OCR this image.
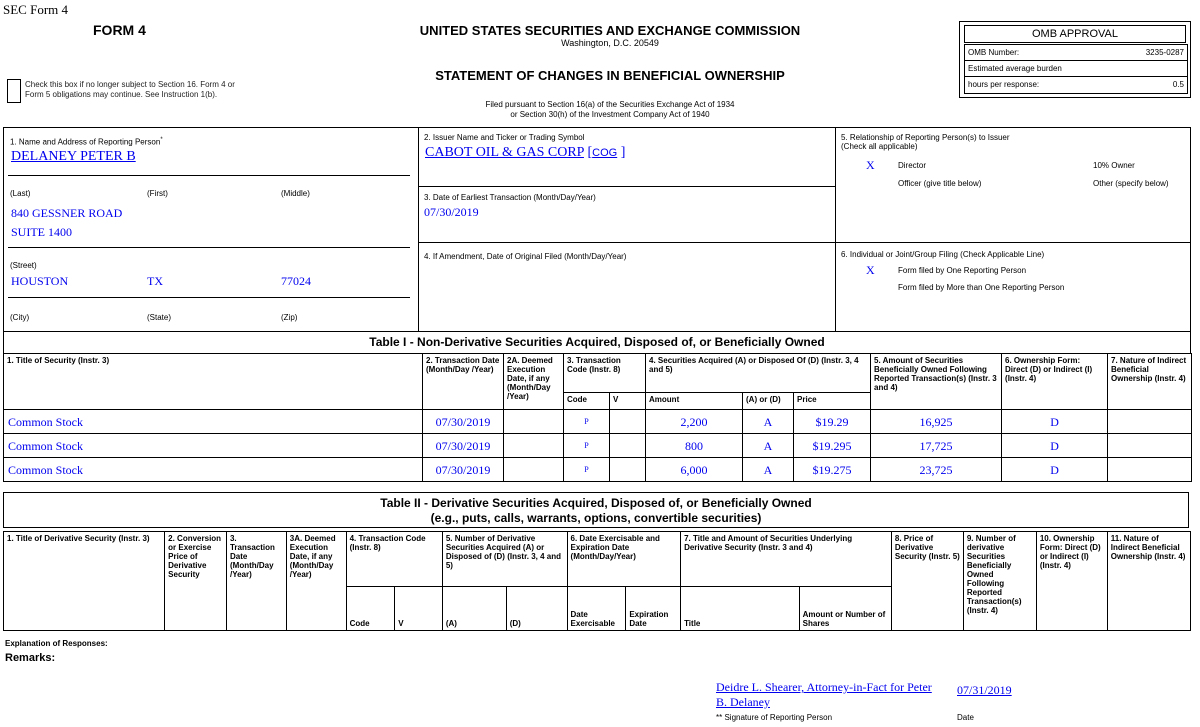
SEC Form 4
FORM 4
Check this box if no longer subject to Section 16. Form 4 or Form 5 obligations may continue. See Instruction 1(b).
UNITED STATES SECURITIES AND EXCHANGE COMMISSION
Washington, D.C. 20549
STATEMENT OF CHANGES IN BENEFICIAL OWNERSHIP
Filed pursuant to Section 16(a) of the Securities Exchange Act of 1934
or Section 30(h) of the Investment Company Act of 1940
OMB APPROVAL
OMB Number:	3235-0287
Estimated average burden
hours per response:	0.5
1. Name and Address of Reporting Person*
DELANEY PETER B
(Last)	(First)	(Middle)
840 GESSNER ROAD
SUITE 1400
(Street)
HOUSTON	TX	77024
(City)	(State)	(Zip)
2. Issuer Name and Ticker or Trading Symbol
CABOT OIL & GAS CORP [COG ]
3. Date of Earliest Transaction (Month/Day/Year)
07/30/2019
4. If Amendment, Date of Original Filed (Month/Day/Year)
5. Relationship of Reporting Person(s) to Issuer
(Check all applicable)
X	Director	10% Owner
Officer (give title below)	Other (specify below)
6. Individual or Joint/Group Filing (Check Applicable Line)
X	Form filed by One Reporting Person
Form filed by More than One Reporting Person
Table I - Non-Derivative Securities Acquired, Disposed of, or Beneficially Owned
1. Title of Security (Instr. 3)	2. Transaction Date (Month/Day /Year)	2A. Deemed Execution Date, if any (Month/Day /Year)	3. Transaction Code (Instr. 8)		4. Securities Acquired (A) or Disposed Of (D) (Instr. 3, 4 and 5)			5. Amount of Securities Beneficially Owned Following Reported Transaction(s) (Instr. 3 and 4)	6. Ownership Form: Direct (D) or Indirect (I) (Instr. 4)	7. Nature of Indirect Beneficial Ownership (Instr. 4)
			Code	V	Amount	(A) or (D)	Price			
Common Stock	07/30/2019		P		2,200	A	$19.29	16,925	D	
Common Stock	07/30/2019		P		800	A	$19.295	17,725	D	
Common Stock	07/30/2019		P		6,000	A	$19.275	23,725	D	
Table II - Derivative Securities Acquired, Disposed of, or Beneficially Owned
(e.g., puts, calls, warrants, options, convertible securities)
1. Title of Derivative Security (Instr. 3)	2. Conversion or Exercise Price of Derivative Security	3. Transaction Date (Month/Day /Year)	3A. Deemed Execution Date, if any (Month/Day /Year)	4. Transaction Code (Instr. 8)		5. Number of Derivative Securities Acquired (A) or Disposed of (D) (Instr. 3, 4 and 5)		6. Date Exercisable and Expiration Date (Month/Day/Year)		7. Title and Amount of Securities Underlying Derivative Security (Instr. 3 and 4)		8. Price of Derivative Security (Instr. 5)	9. Number of derivative Securities Beneficially Owned Following Reported Transaction(s) (Instr. 4)	10. Ownership Form: Direct (D) or Indirect (I) (Instr. 4)	11. Nature of Indirect Beneficial Ownership (Instr. 4)
				Code	V	(A)	(D)	Date Exercisable	Expiration Date	Title	Amount or Number of Shares				
Explanation of Responses:
Remarks:
Deidre L. Shearer, Attorney-in-Fact for Peter
B. Delaney
07/31/2019
** Signature of Reporting Person	Date
